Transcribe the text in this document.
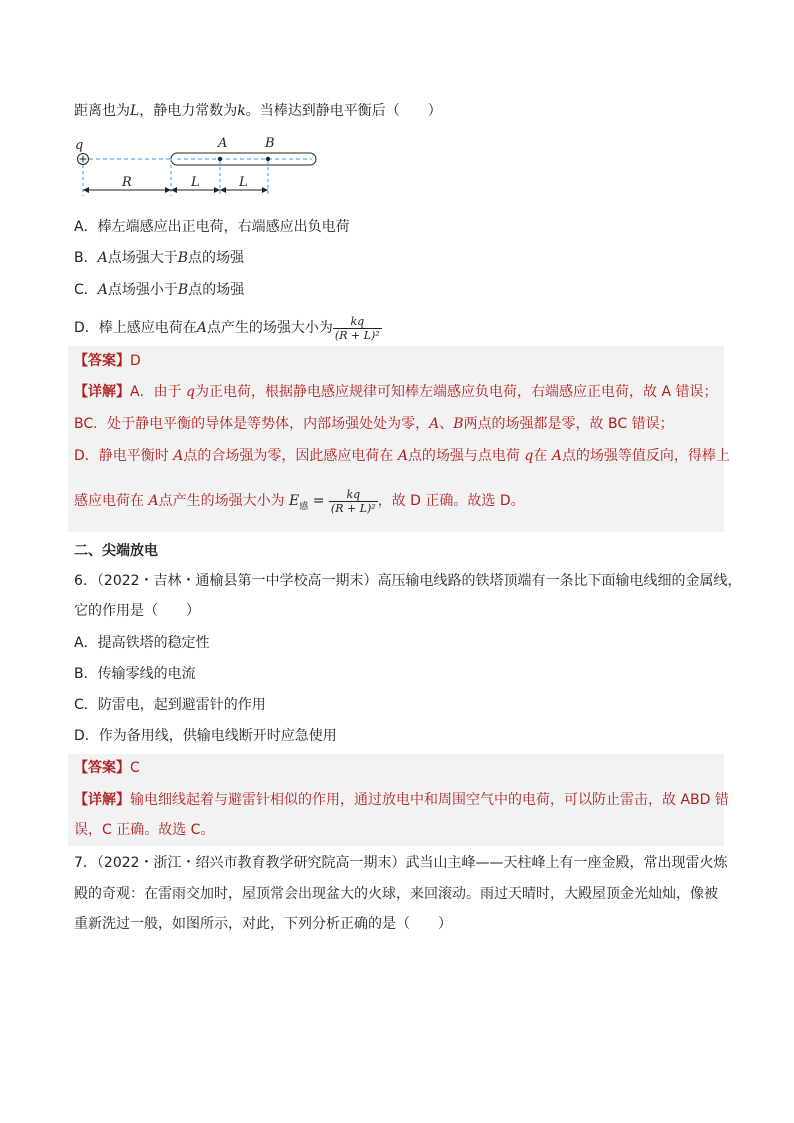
距离也为L，静电力常数为k。当棒达到静电平衡后（　　）
q	A	B
R	L	L
A．棒左端感应出正电荷，右端感应出负电荷
B．A点场强大于B点的场强
C．A点场强小于B点的场强
D．棒上感应电荷在A点产生的场强大小为 $\frac{kq}{\text{(R + L)²}}$
【答案】D
【详解】A．由于 q为正电荷，根据静电感应规律可知棒左端感应负电荷，右端感应正电荷，故 A 错误；
BC．处于静电平衡的导体是等势体，内部场强处处为零，A、B两点的场强都是零，故 BC 错误；
D．静电平衡时 A点的合场强为零，因此感应电荷在 A点的场强与点电荷 q在 A点的场强等值反向，得棒上
感应电荷在 A点产生的场强大小为 $E_感 = \frac{kq}{\text{(R + L)²}}$ ，故 D 正确。故选 D。
二、尖端放电
6．（2022・吉林・通榆县第一中学校高一期末）高压输电线路的铁塔顶端有一条比下面输电线细的金属线，
它的作用是（　　）
A．提高铁塔的稳定性
B．传输零线的电流
C．防雷电，起到避雷针的作用
D．作为备用线，供输电线断开时应急使用
【答案】C
【详解】输电细线起着与避雷针相似的作用，通过放电中和周围空气中的电荷，可以防止雷击，故 ABD 错
误，C 正确。故选 C。
7．（2022・浙江・绍兴市教育教学研究院高一期末）武当山主峰——天柱峰上有一座金殿，常出现雷火炼
殿的奇观：在雷雨交加时，屋顶常会出现盆大的火球，来回滚动。雨过天晴时，大殿屋顶金光灿灿，像被
重新洗过一般，如图所示，对此，下列分析正确的是（　　）
